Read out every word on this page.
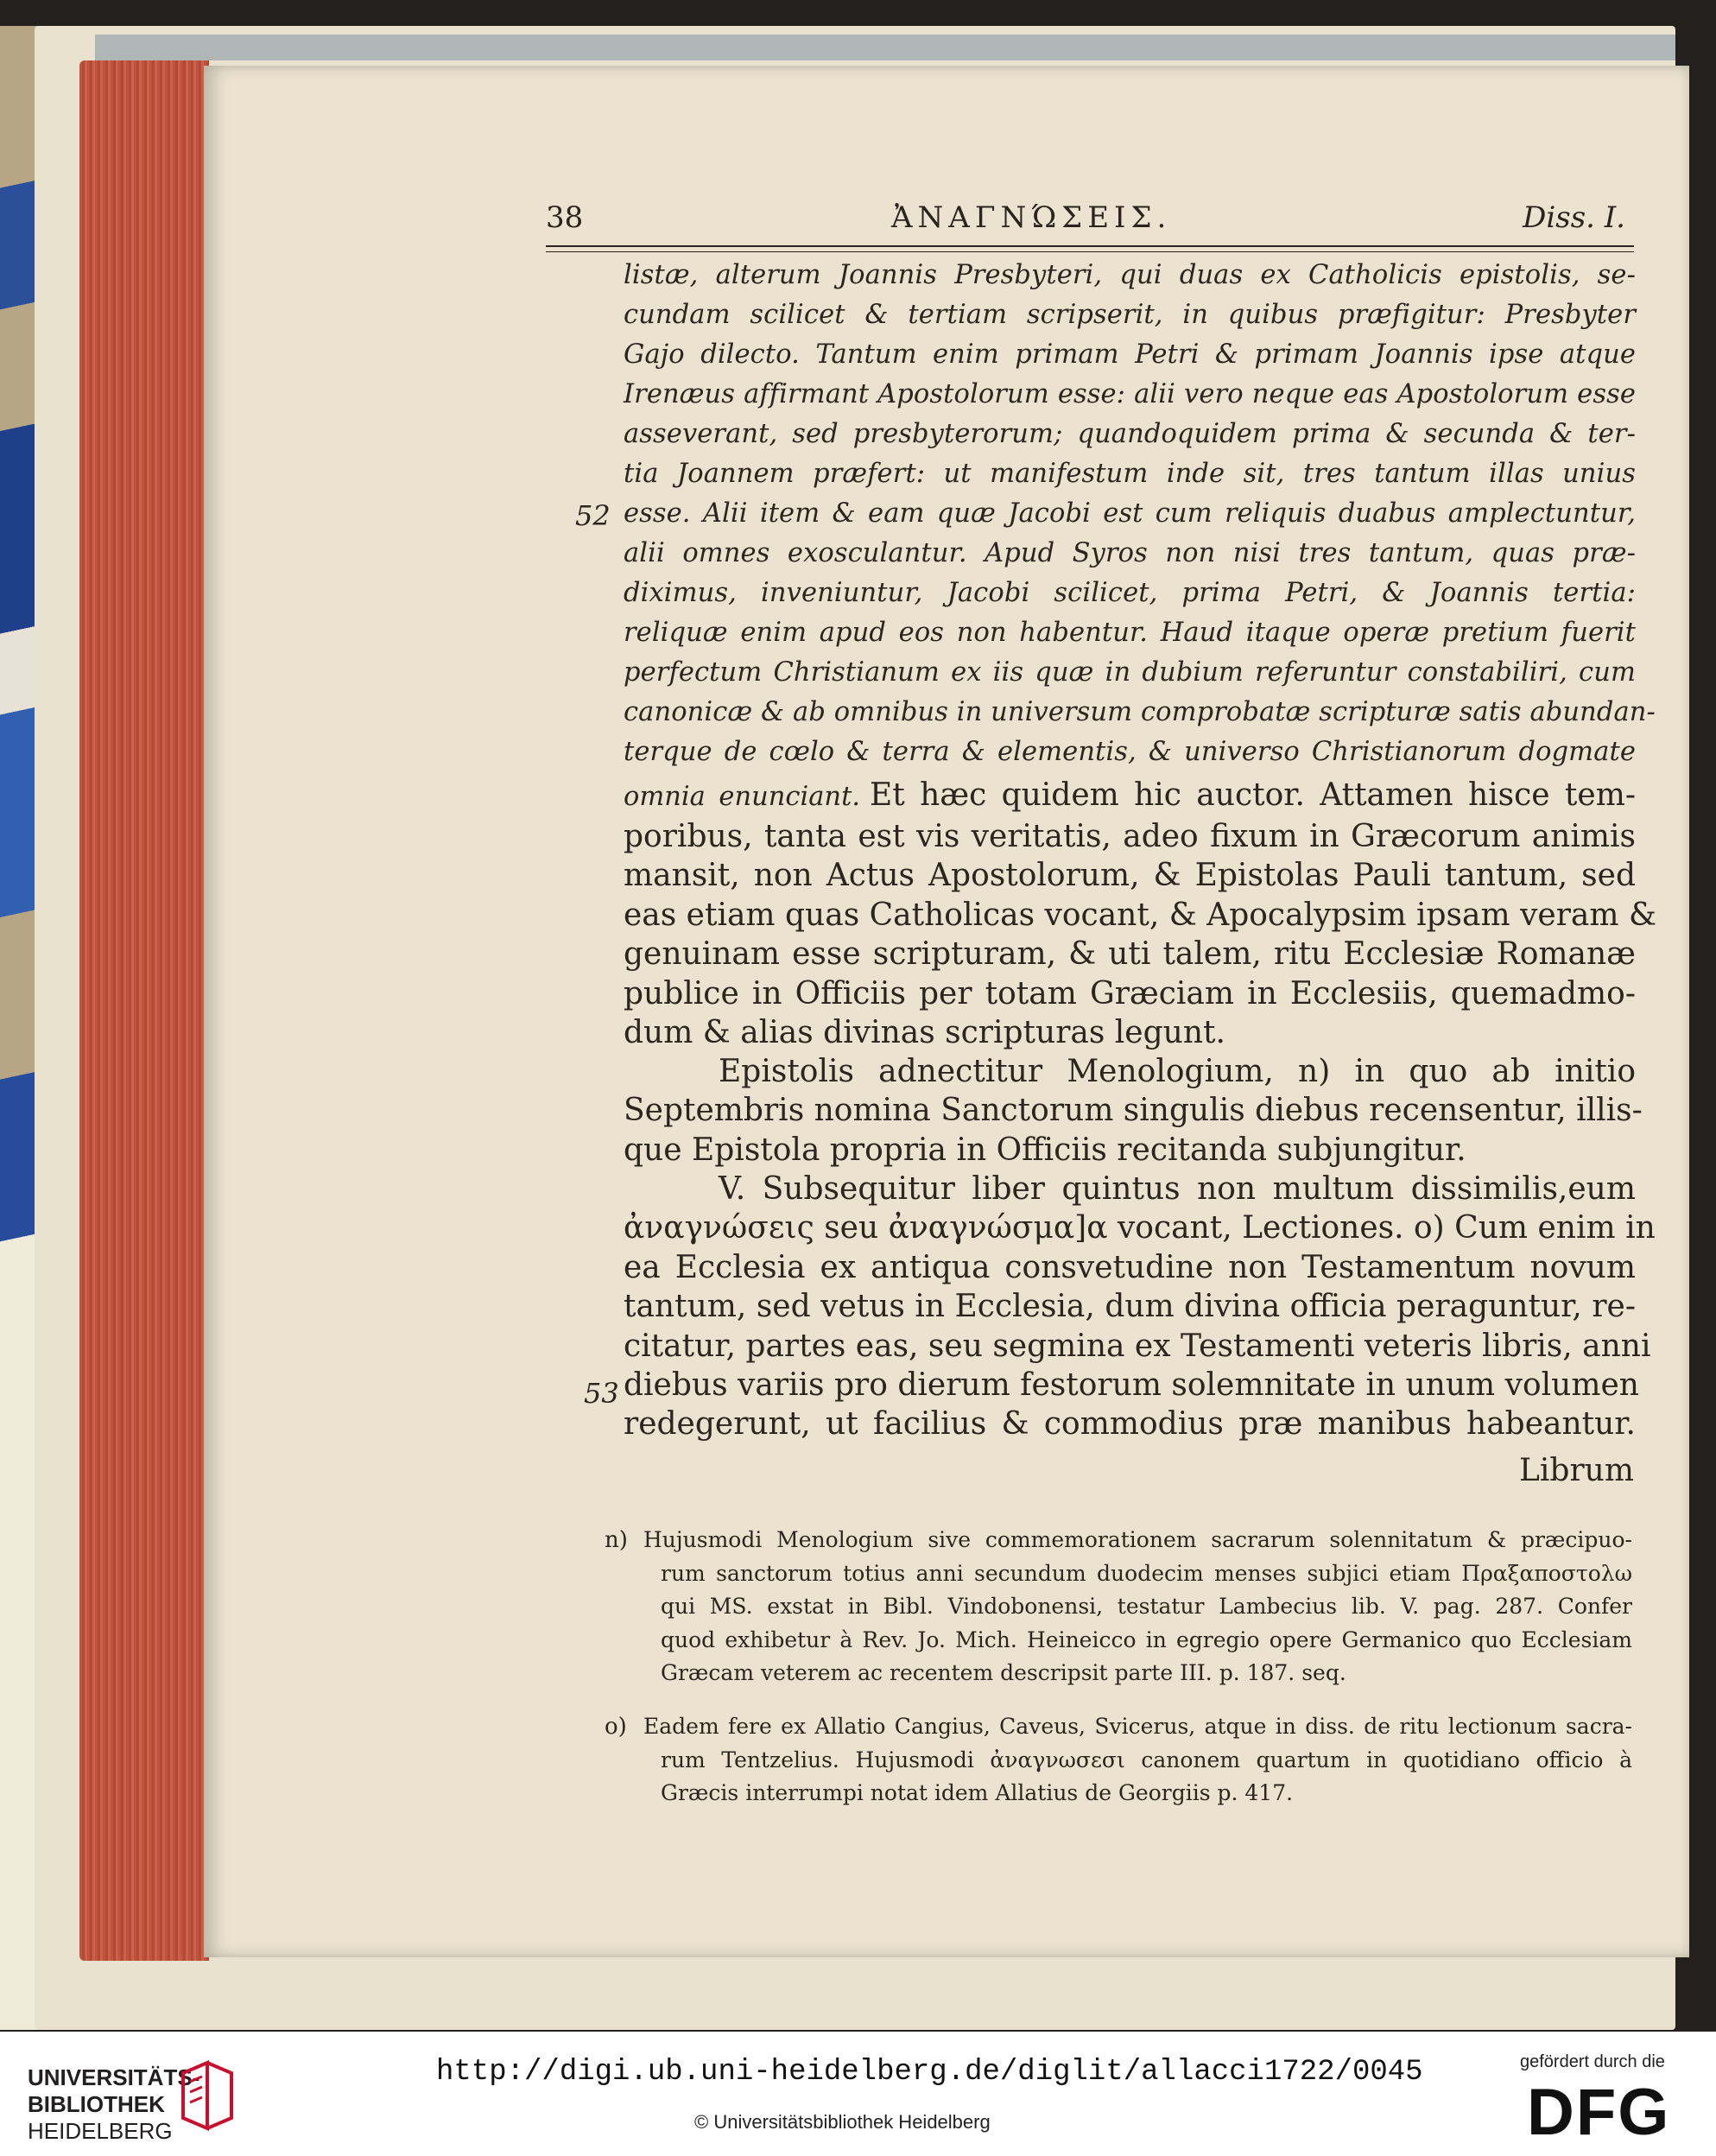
38	ἈΝΑΓΝΏΣΕΙΣ.	Diss. I.
listæ, alterum Joannis Presbyteri, qui duas ex Catholicis epistolis, se-
cundam scilicet & tertiam scripserit, in quibus præfigitur: Presbyter
Gajo dilecto. Tantum enim primam Petri & primam Joannis ipse atque
Irenæus affirmant Apostolorum esse: alii vero neque eas Apostolorum esse
asseverant, sed presbyterorum; quandoquidem prima & secunda & ter-
tia Joannem præfert: ut manifestum inde sit, tres tantum illas unius
esse. Alii item & eam quæ Jacobi est cum reliquis duabus amplectuntur,
alii omnes exosculantur. Apud Syros non nisi tres tantum, quas præ-
diximus, inveniuntur, Jacobi scilicet, prima Petri, & Joannis tertia:
reliquæ enim apud eos non habentur. Haud itaque operæ pretium fuerit
perfectum Christianum ex iis quæ in dubium referuntur constabiliri, cum
canonicæ & ab omnibus in universum comprobatæ scripturæ satis abundan-
terque de cœlo & terra & elementis, & universo Christianorum dogmate
omnia enunciant. Et hæc quidem hic auctor. Attamen hisce tem-
poribus, tanta est vis veritatis, adeo fixum in Græcorum animis
mansit, non Actus Apostolorum, & Epistolas Pauli tantum, sed
eas etiam quas Catholicas vocant, & Apocalypsim ipsam veram &
genuinam esse scripturam, & uti talem, ritu Ecclesiæ Romanæ
publice in Officiis per totam Græciam in Ecclesiis, quemadmo-
dum & alias divinas scripturas legunt.
Epistolis adnectitur Menologium, n) in quo ab initio
Septembris nomina Sanctorum singulis diebus recensentur, illis-
que Epistola propria in Officiis recitanda subjungitur.
V. Subsequitur liber quintus non multum dissimilis,eum
ἀναγνώσεις seu ἀναγνώσμα]α vocant, Lectiones. o) Cum enim in
ea Ecclesia ex antiqua consvetudine non Testamentum novum
tantum, sed vetus in Ecclesia, dum divina officia peraguntur, re-
citatur, partes eas, seu segmina ex Testamenti veteris libris, anni
diebus variis pro dierum festorum solemnitate in unum volumen
redegerunt, ut facilius & commodius præ manibus habeantur.
Librum
52
53
n) Hujusmodi Menologium sive commemorationem sacrarum solennitatum & præcipuo-
rum sanctorum totius anni secundum duodecim menses subjici etiam Πραξαποστολω
qui MS. exstat in Bibl. Vindobonensi, testatur Lambecius lib. V. pag. 287. Confer
quod exhibetur à Rev. Jo. Mich. Heineicco in egregio opere Germanico quo Ecclesiam
Græcam veterem ac recentem descripsit parte III. p. 187. seq.
o) Eadem fere ex Allatio Cangius, Caveus, Svicerus, atque in diss. de ritu lectionum sacra-
rum Tentzelius. Hujusmodi ἀναγνωσεσι canonem quartum in quotidiano officio à
Græcis interrumpi notat idem Allatius de Georgiis p. 417.
UNIVERSITÄTS-
BIBLIOTHEK
HEIDELBERG
http://digi.ub.uni-heidelberg.de/diglit/allacci1722/0045
© Universitätsbibliothek Heidelberg
gefördert durch die
DFG
